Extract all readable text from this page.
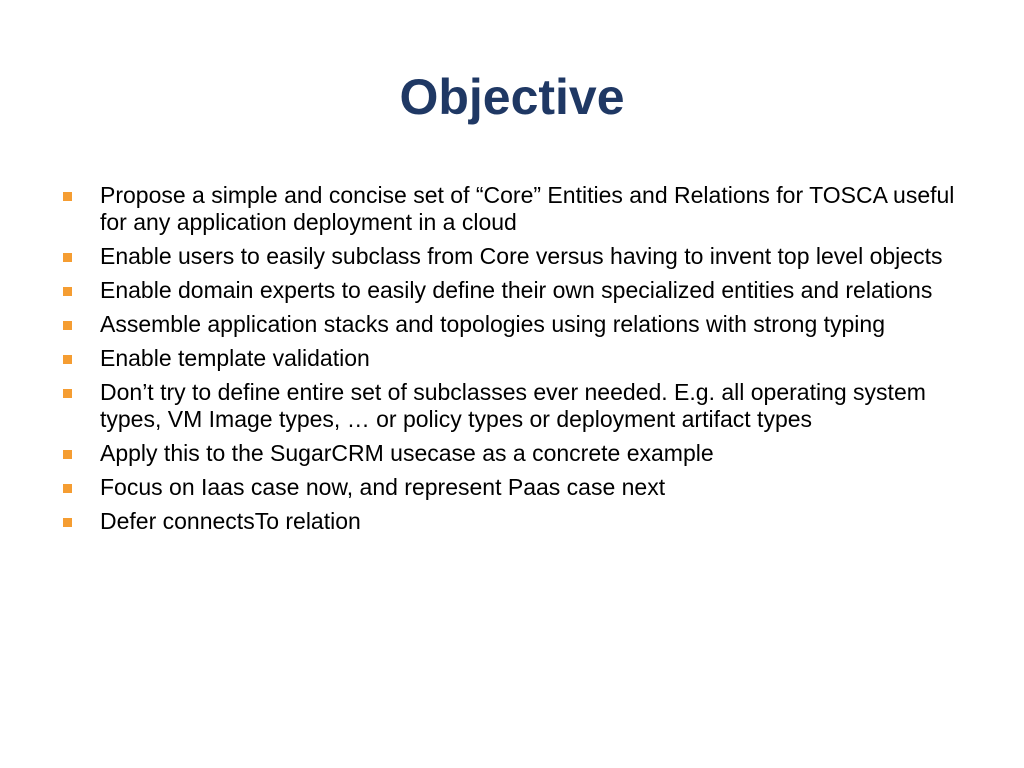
Objective
Propose a simple and concise set of “Core” Entities and Relations for TOSCA useful for any application deployment in a cloud
Enable users to easily subclass from Core versus having to invent top level objects
Enable domain experts to easily define their own specialized entities and relations
Assemble application stacks and topologies using relations with strong typing
Enable template validation
Don’t try to define entire set of subclasses ever needed. E.g. all operating system types, VM Image types, … or policy types or deployment artifact types
Apply this to the SugarCRM usecase as a concrete example
Focus on Iaas case now, and represent Paas case next
Defer connectsTo relation
